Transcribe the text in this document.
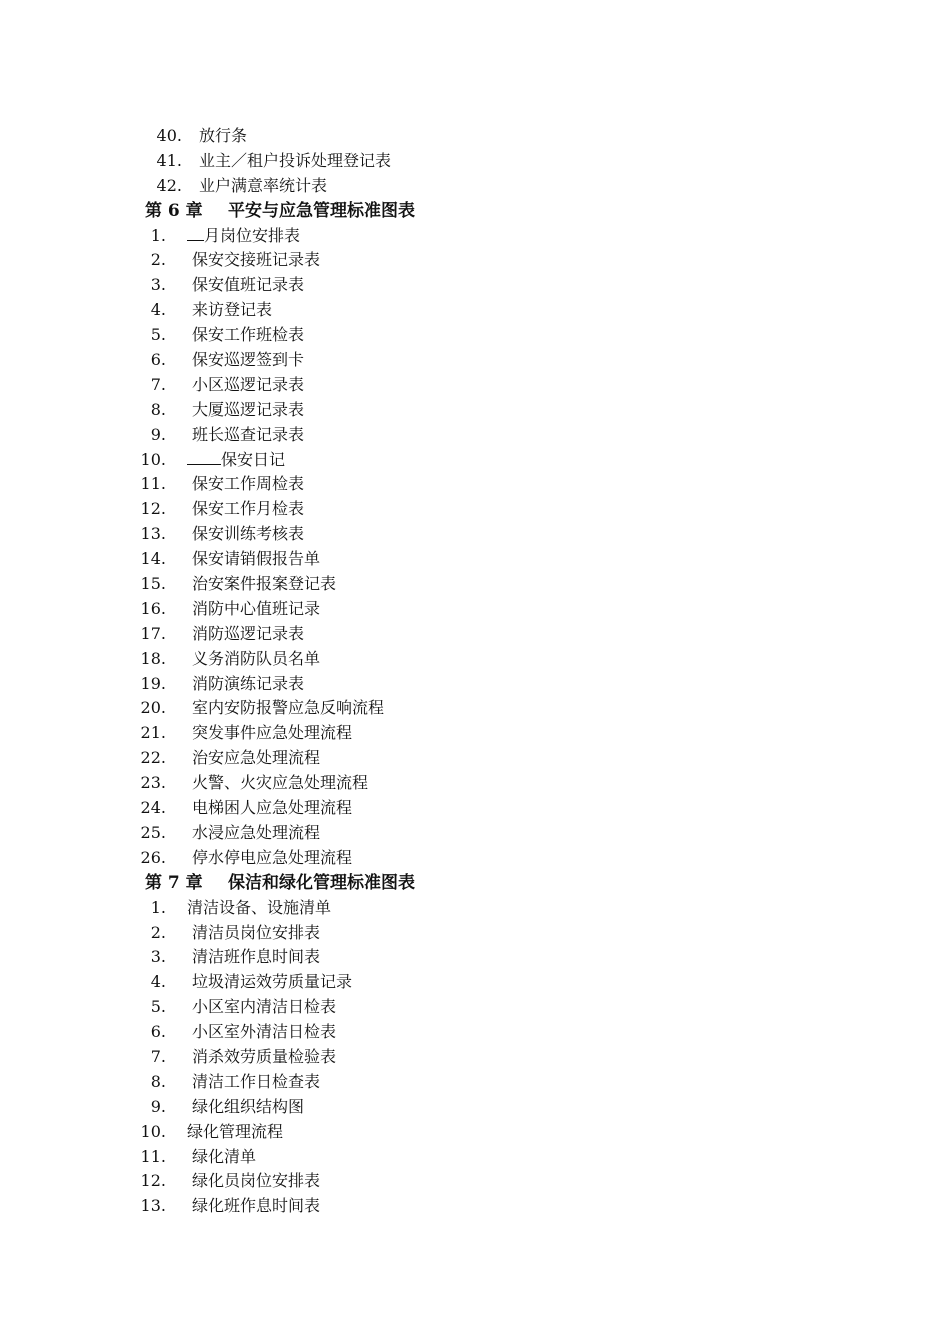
40. 放行条
41. 业主／租户投诉处理登记表
42. 业户满意率统计表
第 6 章 平安与应急管理标准图表
1.	月岗位安排表
2. 保安交接班记录表
3. 保安值班记录表
4. 来访登记表
5. 保安工作班检表
6. 保安巡逻签到卡
7. 小区巡逻记录表
8. 大厦巡逻记录表
9. 班长巡查记录表
10.	保安日记
11. 保安工作周检表
12. 保安工作月检表
13. 保安训练考核表
14. 保安请销假报告单
15. 治安案件报案登记表
16. 消防中心值班记录
17. 消防巡逻记录表
18. 义务消防队员名单
19. 消防演练记录表
20. 室内安防报警应急反响流程
21. 突发事件应急处理流程
22. 治安应急处理流程
23. 火警、火灾应急处理流程
24. 电梯困人应急处理流程
25. 水浸应急处理流程
26. 停水停电应急处理流程
第 7 章 保洁和绿化管理标准图表
1. 清洁设备、设施清单
2. 清洁员岗位安排表
3. 清洁班作息时间表
4. 垃圾清运效劳质量记录
5. 小区室内清洁日检表
6. 小区室外清洁日检表
7. 消杀效劳质量检验表
8. 清洁工作日检查表
9. 绿化组织结构图
10. 绿化管理流程
11. 绿化清单
12. 绿化员岗位安排表
13. 绿化班作息时间表
